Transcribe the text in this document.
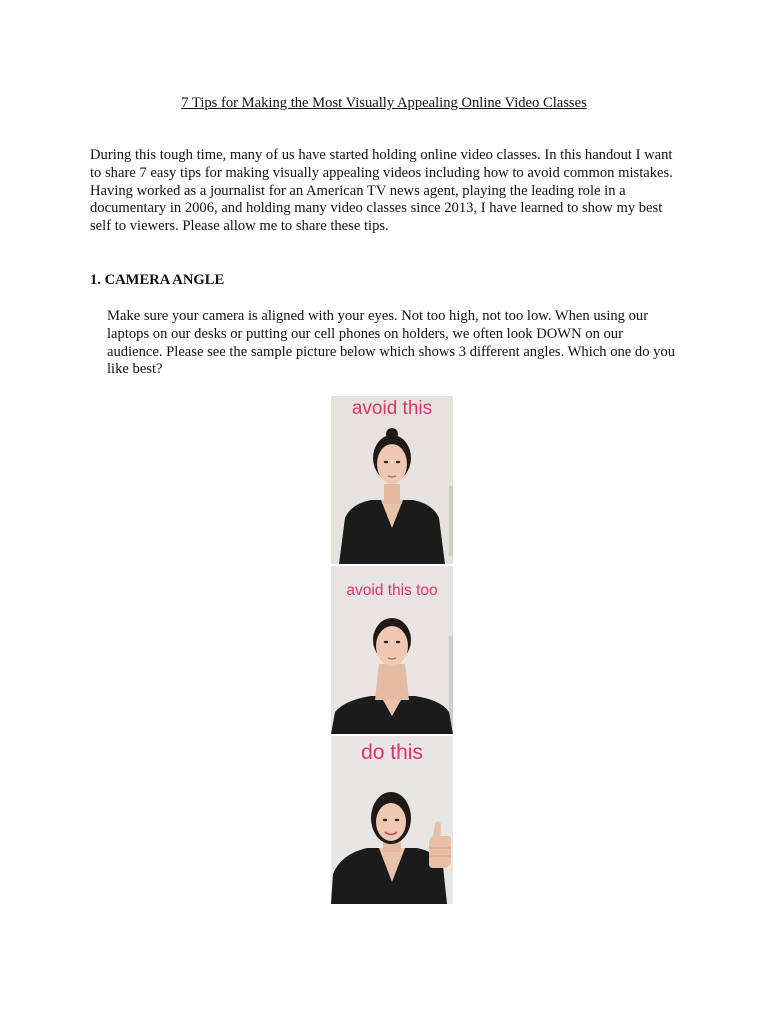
7 Tips for Making the Most Visually Appealing Online Video Classes

During this tough time, many of us have started holding online video classes. In this handout I want to share 7 easy tips for making visually appealing videos including how to avoid common mistakes. Having worked as a journalist for an American TV news agent, playing the leading role in a documentary in 2006, and holding many video classes since 2013, I have learned to show my best self to viewers. Please allow me to share these tips.

1. CAMERA ANGLE

Make sure your camera is aligned with your eyes. Not too high, not too low. When using our laptops on our desks or putting our cell phones on holders, we often look DOWN on our audience. Please see the sample picture below which shows 3 different angles. Which one do you like best?

avoid this
avoid this too
do this
